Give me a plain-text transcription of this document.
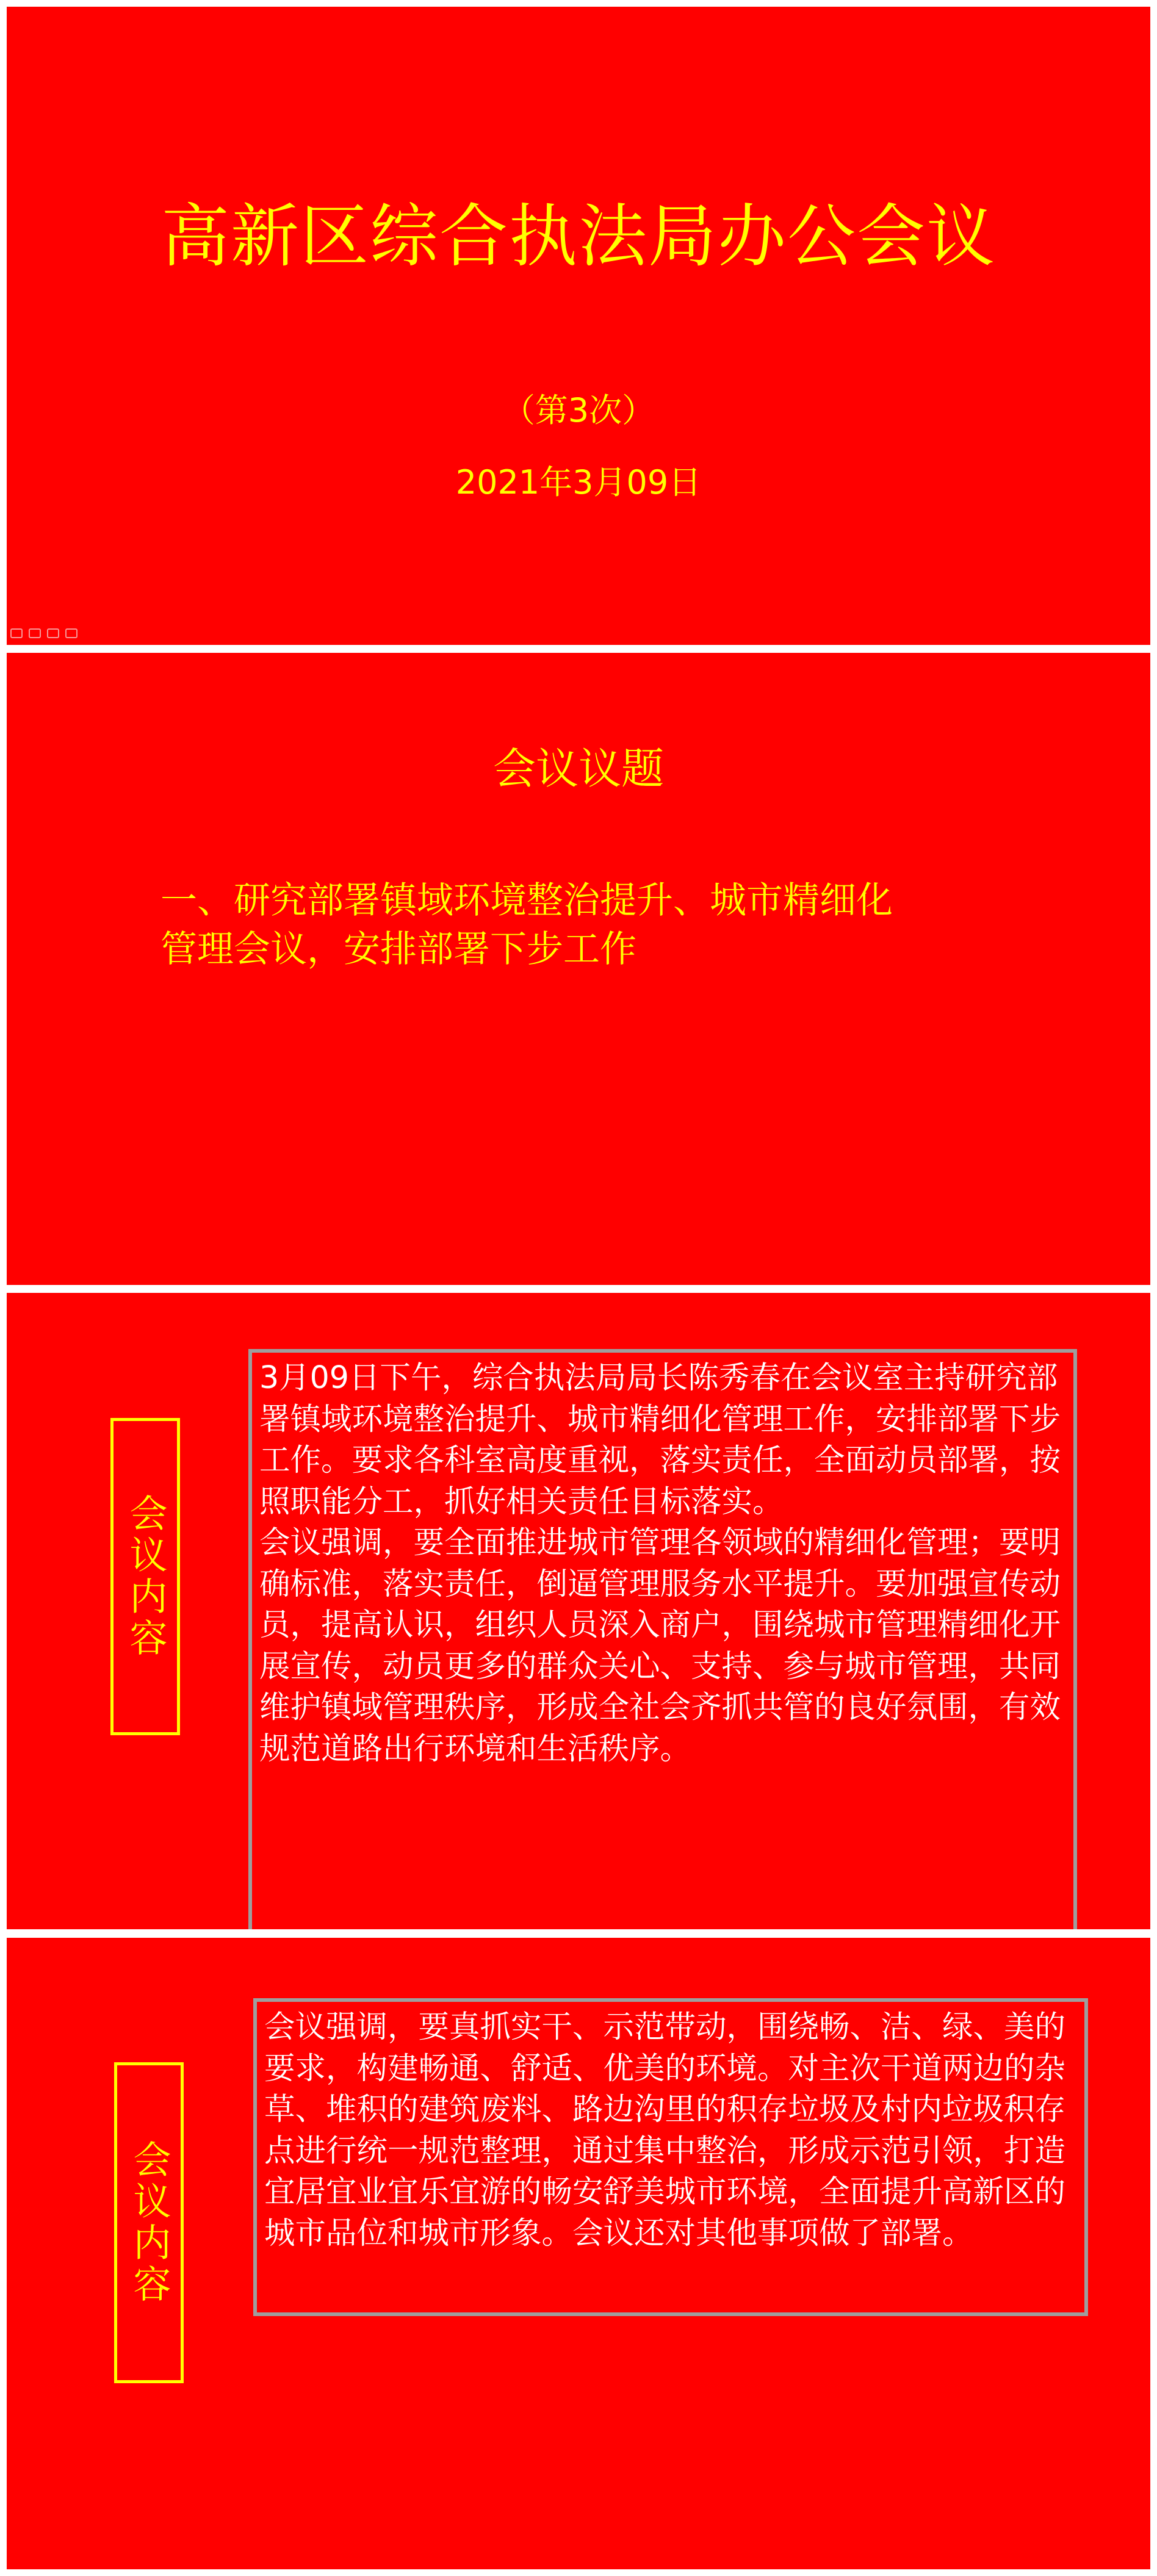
高新区综合执法局办公会议
（第3次）
2021年3月09日
会议议题
一、研究部署镇域环境整治提升、城市精细化
管理会议，安排部署下步工作
会议内容

3月09日下午，综合执法局局长陈秀春在会议室主持研究部署镇域环境整治提升、城市精细化管理工作，安排部署下步工作。要求各科室高度重视，落实责任，全面动员部署，按照职能分工，抓好相关责任目标落实。

会议强调，要全面推进城市管理各领域的精细化管理；要明确标准，落实责任，倒逼管理服务水平提升。要加强宣传动员，提高认识，组织人员深入商户，围绕城市管理精细化开展宣传，动员更多的群众关心、支持、参与城市管理，共同维护镇域管理秩序，形成全社会齐抓共管的良好氛围，有效规范道路出行环境和生活秩序。

会议内容

会议强调，要真抓实干、示范带动，围绕畅、洁、绿、美的要求，构建畅通、舒适、优美的环境。对主次干道两边的杂草、堆积的建筑废料、路边沟里的积存垃圾及村内垃圾积存点进行统一规范整理，通过集中整治，形成示范引领，打造宜居宜业宜乐宜游的畅安舒美城市环境，全面提升高新区的城市品位和城市形象。会议还对其他事项做了部署。
